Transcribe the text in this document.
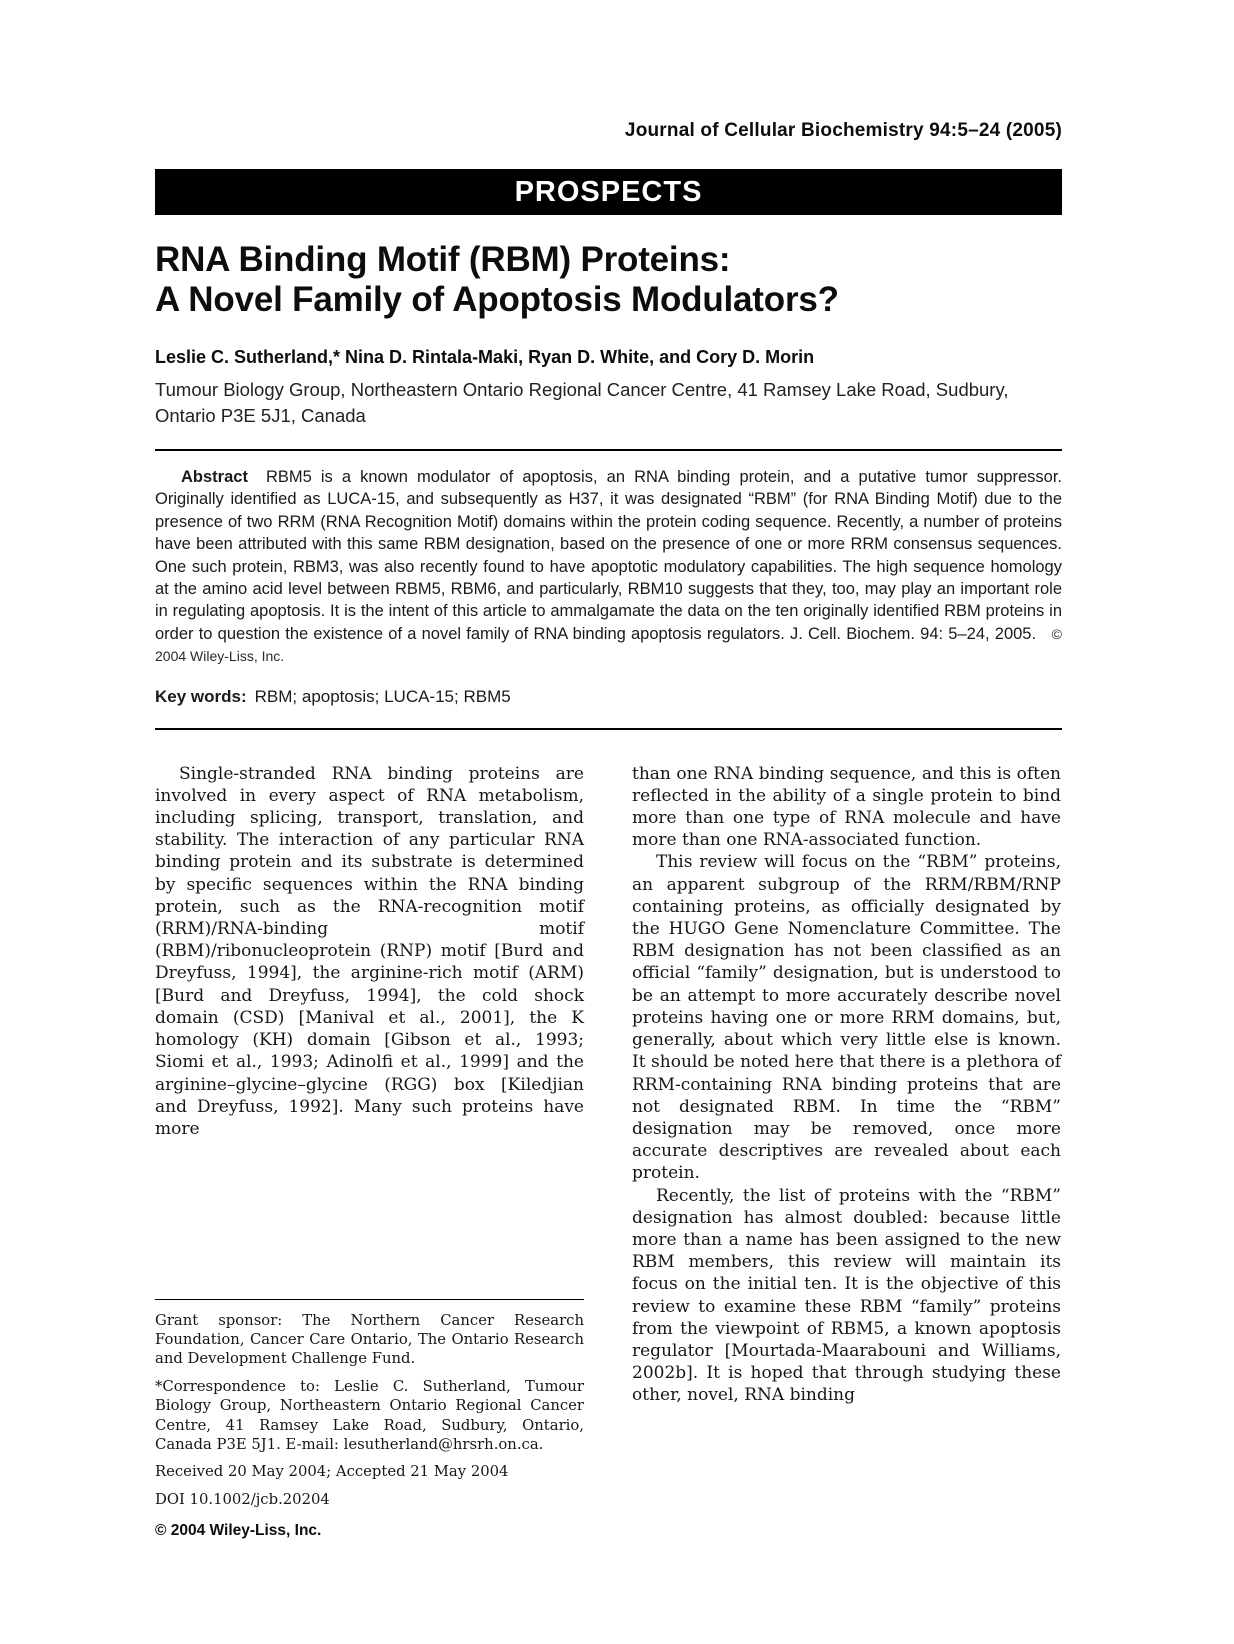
Journal of Cellular Biochemistry 94:5–24 (2005)
PROSPECTS
RNA Binding Motif (RBM) Proteins:
A Novel Family of Apoptosis Modulators?
Leslie C. Sutherland,* Nina D. Rintala-Maki, Ryan D. White, and Cory D. Morin
Tumour Biology Group, Northeastern Ontario Regional Cancer Centre, 41 Ramsey Lake Road, Sudbury, Ontario P3E 5J1, Canada

Abstract RBM5 is a known modulator of apoptosis, an RNA binding protein, and a putative tumor suppressor. Originally identified as LUCA-15, and subsequently as H37, it was designated “RBM” (for RNA Binding Motif) due to the presence of two RRM (RNA Recognition Motif) domains within the protein coding sequence. Recently, a number of proteins have been attributed with this same RBM designation, based on the presence of one or more RRM consensus sequences. One such protein, RBM3, was also recently found to have apoptotic modulatory capabilities. The high sequence homology at the amino acid level between RBM5, RBM6, and particularly, RBM10 suggests that they, too, may play an important role in regulating apoptosis. It is the intent of this article to ammalgamate the data on the ten originally identified RBM proteins in order to question the existence of a novel family of RNA binding apoptosis regulators. J. Cell. Biochem. 94: 5–24, 2005. © 2004 Wiley-Liss, Inc.

Key words: RBM; apoptosis; LUCA-15; RBM5

Single-stranded RNA binding proteins are involved in every aspect of RNA metabolism, including splicing, transport, translation, and stability. The interaction of any particular RNA binding protein and its substrate is determined by specific sequences within the RNA binding protein, such as the RNA-recognition motif (RRM)/RNA-binding motif (RBM)/ribonucleoprotein (RNP) motif [Burd and Dreyfuss, 1994], the arginine-rich motif (ARM) [Burd and Dreyfuss, 1994], the cold shock domain (CSD) [Manival et al., 2001], the K homology (KH) domain [Gibson et al., 1993; Siomi et al., 1993; Adinolfi et al., 1999] and the arginine–glycine–glycine (RGG) box [Kiledjian and Dreyfuss, 1992]. Many such proteins have more

Grant sponsor: The Northern Cancer Research Foundation, Cancer Care Ontario, The Ontario Research and Development Challenge Fund.

*Correspondence to: Leslie C. Sutherland, Tumour Biology Group, Northeastern Ontario Regional Cancer Centre, 41 Ramsey Lake Road, Sudbury, Ontario, Canada P3E 5J1. E-mail: lesutherland@hrsrh.on.ca.

Received 20 May 2004; Accepted 21 May 2004

DOI 10.1002/jcb.20204

© 2004 Wiley-Liss, Inc.

than one RNA binding sequence, and this is often reflected in the ability of a single protein to bind more than one type of RNA molecule and have more than one RNA-associated function.

This review will focus on the “RBM” proteins, an apparent subgroup of the RRM/RBM/RNP containing proteins, as officially designated by the HUGO Gene Nomenclature Committee. The RBM designation has not been classified as an official “family” designation, but is understood to be an attempt to more accurately describe novel proteins having one or more RRM domains, but, generally, about which very little else is known. It should be noted here that there is a plethora of RRM-containing RNA binding proteins that are not designated RBM. In time the “RBM” designation may be removed, once more accurate descriptives are revealed about each protein.

Recently, the list of proteins with the “RBM” designation has almost doubled: because little more than a name has been assigned to the new RBM members, this review will maintain its focus on the initial ten. It is the objective of this review to examine these RBM “family” proteins from the viewpoint of RBM5, a known apoptosis regulator [Mourtada-Maarabouni and Williams, 2002b]. It is hoped that through studying these other, novel, RNA binding
